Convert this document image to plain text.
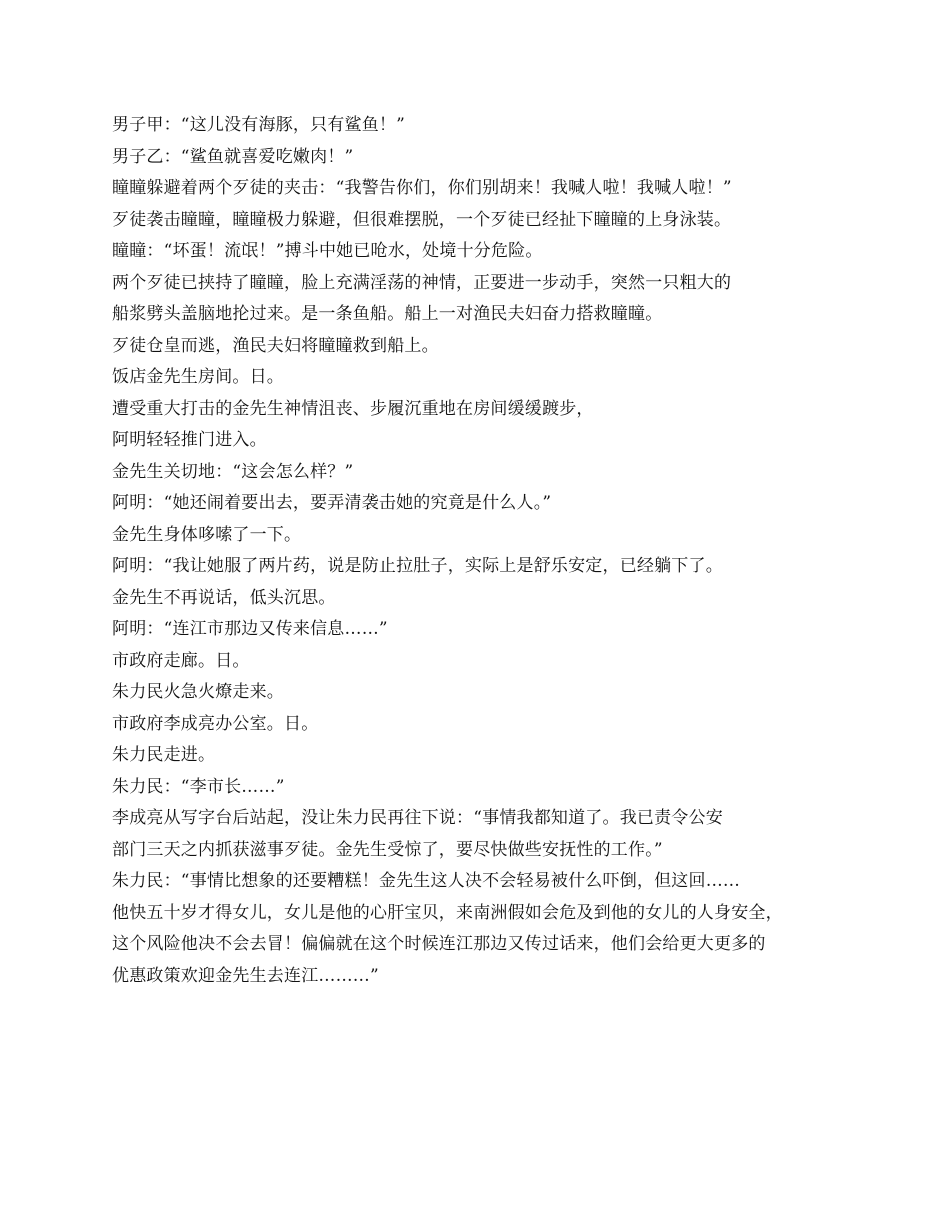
男子甲：“这儿没有海豚，只有鲨鱼！”
男子乙：“鲨鱼就喜爱吃嫩肉！”
瞳瞳躲避着两个歹徒的夹击：“我警告你们，你们别胡来！我喊人啦！我喊人啦！”
歹徒袭击瞳瞳，瞳瞳极力躲避，但很难摆脱，一个歹徒已经扯下瞳瞳的上身泳装。
瞳瞳：“坏蛋！流氓！”搏斗中她已呛水，处境十分危险。
两个歹徒已挟持了瞳瞳，脸上充满淫荡的神情，正要进一步动手，突然一只粗大的
船浆劈头盖脑地抡过来。是一条鱼船。船上一对渔民夫妇奋力搭救瞳瞳。
歹徒仓皇而逃，渔民夫妇将瞳瞳救到船上。
饭店金先生房间。日。
遭受重大打击的金先生神情沮丧、步履沉重地在房间缓缓踱步，
阿明轻轻推门进入。
金先生关切地：“这会怎么样？”
阿明：“她还闹着要出去，要弄清袭击她的究竟是什么人。”
金先生身体哆嗦了一下。
阿明：“我让她服了两片药，说是防止拉肚子，实际上是舒乐安定，已经躺下了。
金先生不再说话，低头沉思。
阿明：“连江市那边又传来信息……”
市政府走廊。日。
朱力民火急火燎走来。
市政府李成亮办公室。日。
朱力民走进。
朱力民：“李市长……”
李成亮从写字台后站起，没让朱力民再往下说：“事情我都知道了。我已责令公安
部门三天之内抓获滋事歹徒。金先生受惊了，要尽快做些安抚性的工作。”
朱力民：“事情比想象的还要糟糕！金先生这人决不会轻易被什么吓倒，但这回……
他快五十岁才得女儿，女儿是他的心肝宝贝，来南洲假如会危及到他的女儿的人身安全，
这个风险他决不会去冒！偏偏就在这个时候连江那边又传过话来，他们会给更大更多的
优惠政策欢迎金先生去连江………”
